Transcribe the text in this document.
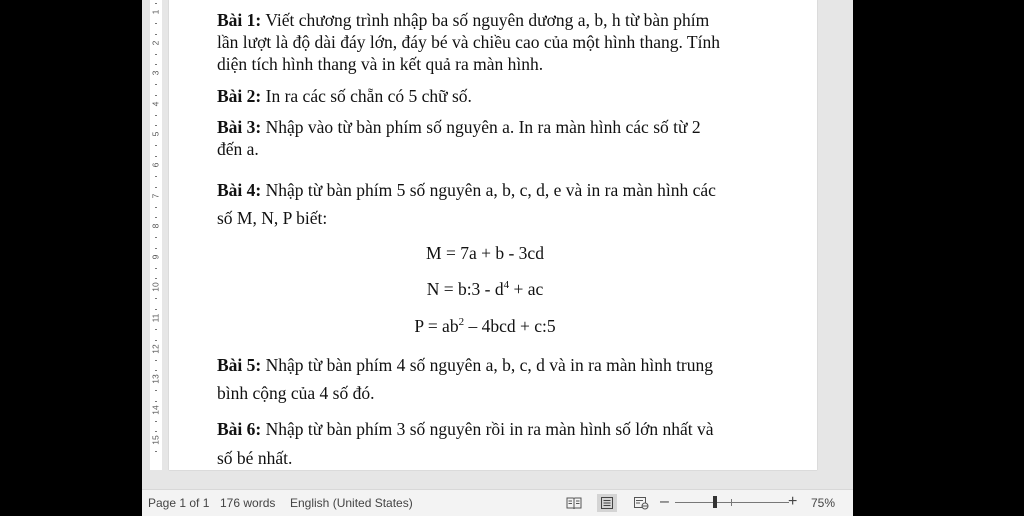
1
2
3
4
5
6
7
8
9
10
11
12
13
14
15

Bài 1: Viết chương trình nhập ba số nguyên dương a, b, h từ bàn phím
lần lượt là độ dài đáy lớn, đáy bé và chiều cao của một hình thang. Tính
diện tích hình thang và in kết quả ra màn hình.

Bài 2: In ra các số chẵn có 5 chữ số.

Bài 3: Nhập vào từ bàn phím số nguyên a. In ra màn hình các số từ 2
đến a.

Bài 4: Nhập từ bàn phím 5 số nguyên a, b, c, d, e và in ra màn hình các
số M, N, P biết:

M = 7a + b - 3cd

N = b:3 - $d^4$ + ac

$P = ab^2 - 4bcd$ + c:5

Bài 5: Nhập từ bàn phím 4 số nguyên a, b, c, d và in ra màn hình trung
bình cộng của 4 số đó.

Bài 6: Nhập từ bàn phím 3 số nguyên rồi in ra màn hình số lớn nhất và
số bé nhất.

Page 1 of 1 176 words English (United States)	–	+ 75%
